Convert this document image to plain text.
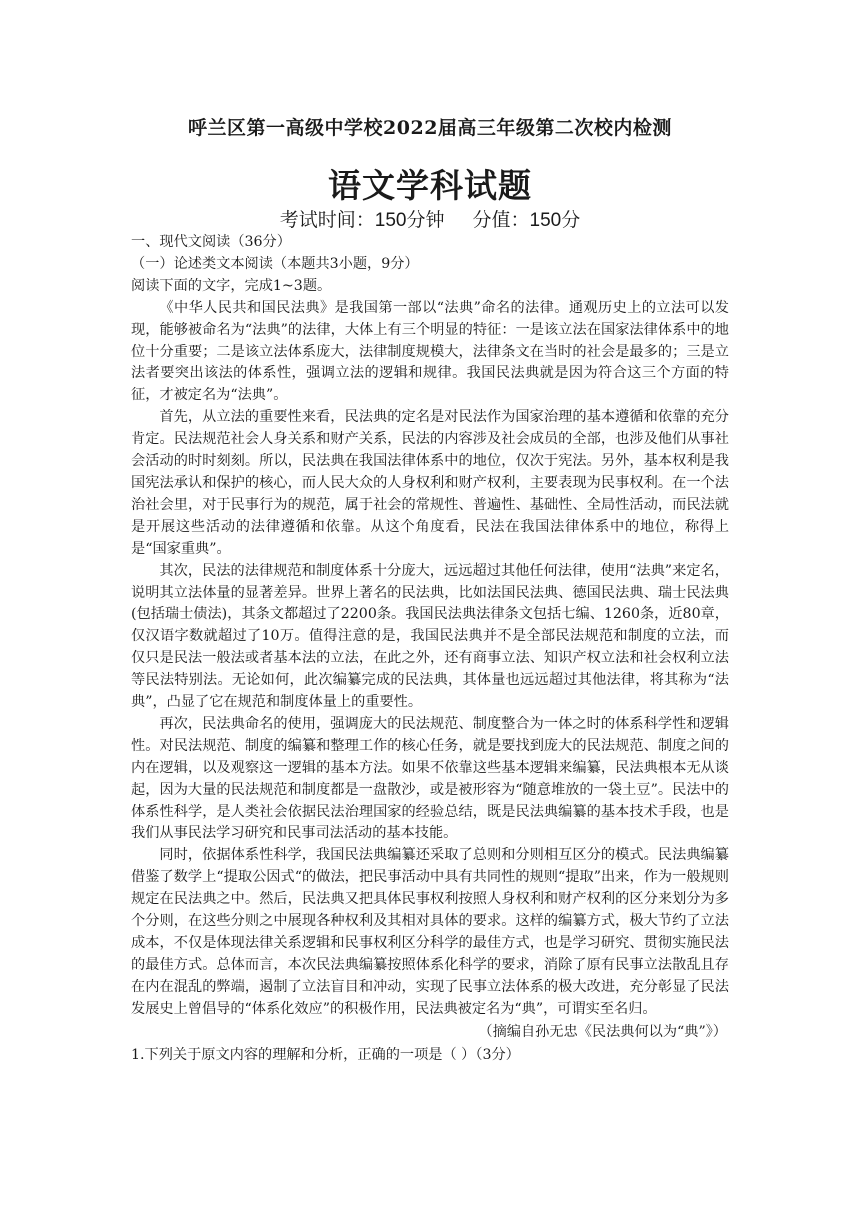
呼兰区第一高级中学校2022届高三年级第二次校内检测
语文学科试题
考试时间：150分钟 分值：150分

一、现代文阅读（36分）

（一）论述类文本阅读（本题共3小题，9分）

阅读下面的文字，完成1~3题。

《中华人民共和国民法典》是我国第一部以“法典”命名的法律。通观历史上的立法可以发现，能够被命名为“法典”的法律，大体上有三个明显的特征：一是该立法在国家法律体系中的地位十分重要；二是该立法体系庞大，法律制度规模大，法律条文在当时的社会是最多的；三是立法者要突出该法的体系性，强调立法的逻辑和规律。我国民法典就是因为符合这三个方面的特征，才被定名为“法典”。

首先，从立法的重要性来看，民法典的定名是对民法作为国家治理的基本遵循和依靠的充分肯定。民法规范社会人身关系和财产关系，民法的内容涉及社会成员的全部，也涉及他们从事社会活动的时时刻刻。所以，民法典在我国法律体系中的地位，仅次于宪法。另外，基本权利是我国宪法承认和保护的核心，而人民大众的人身权利和财产权利，主要表现为民事权利。在一个法治社会里，对于民事行为的规范，属于社会的常规性、普遍性、基础性、全局性活动，而民法就是开展这些活动的法律遵循和依靠。从这个角度看，民法在我国法律体系中的地位，称得上是“国家重典”。

其次，民法的法律规范和制度体系十分庞大，远远超过其他任何法律，使用“法典”来定名，说明其立法体量的显著差异。世界上著名的民法典，比如法国民法典、德国民法典、瑞士民法典(包括瑞士债法)，其条文都超过了2200条。我国民法典法律条文包括七编、1260条，近80章，仅汉语字数就超过了10万。值得注意的是，我国民法典并不是全部民法规范和制度的立法，而仅只是民法一般法或者基本法的立法，在此之外，还有商事立法、知识产权立法和社会权利立法等民法特别法。无论如何，此次编纂完成的民法典，其体量也远远超过其他法律，将其称为“法典”，凸显了它在规范和制度体量上的重要性。

再次，民法典命名的使用，强调庞大的民法规范、制度整合为一体之时的体系科学性和逻辑性。对民法规范、制度的编纂和整理工作的核心任务，就是要找到庞大的民法规范、制度之间的内在逻辑，以及观察这一逻辑的基本方法。如果不依靠这些基本逻辑来编纂，民法典根本无从谈起，因为大量的民法规范和制度都是一盘散沙，或是被形容为“随意堆放的一袋土豆”。民法中的体系性科学，是人类社会依据民法治理国家的经验总结，既是民法典编纂的基本技术手段，也是我们从事民法学习研究和民事司法活动的基本技能。

同时，依据体系性科学，我国民法典编纂还采取了总则和分则相互区分的模式。民法典编纂借鉴了数学上“提取公因式“的做法，把民事活动中具有共同性的规则“提取”出来，作为一般规则规定在民法典之中。然后，民法典又把具体民事权利按照人身权利和财产权利的区分来划分为多个分则，在这些分则之中展现各种权利及其相对具体的要求。这样的编纂方式，极大节约了立法成本，不仅是体现法律关系逻辑和民事权利区分科学的最佳方式，也是学习研究、贯彻实施民法的最佳方式。总体而言，本次民法典编纂按照体系化科学的要求，消除了原有民事立法散乱且存在内在混乱的弊端，遏制了立法盲目和冲动，实现了民事立法体系的极大改进，充分彰显了民法发展史上曾倡导的“体系化效应”的积极作用，民法典被定名为“典”，可谓实至名归。

（摘编自孙无忠《民法典何以为“典”》）

1.下列关于原文内容的理解和分析，正确的一项是（ ）（3分）
